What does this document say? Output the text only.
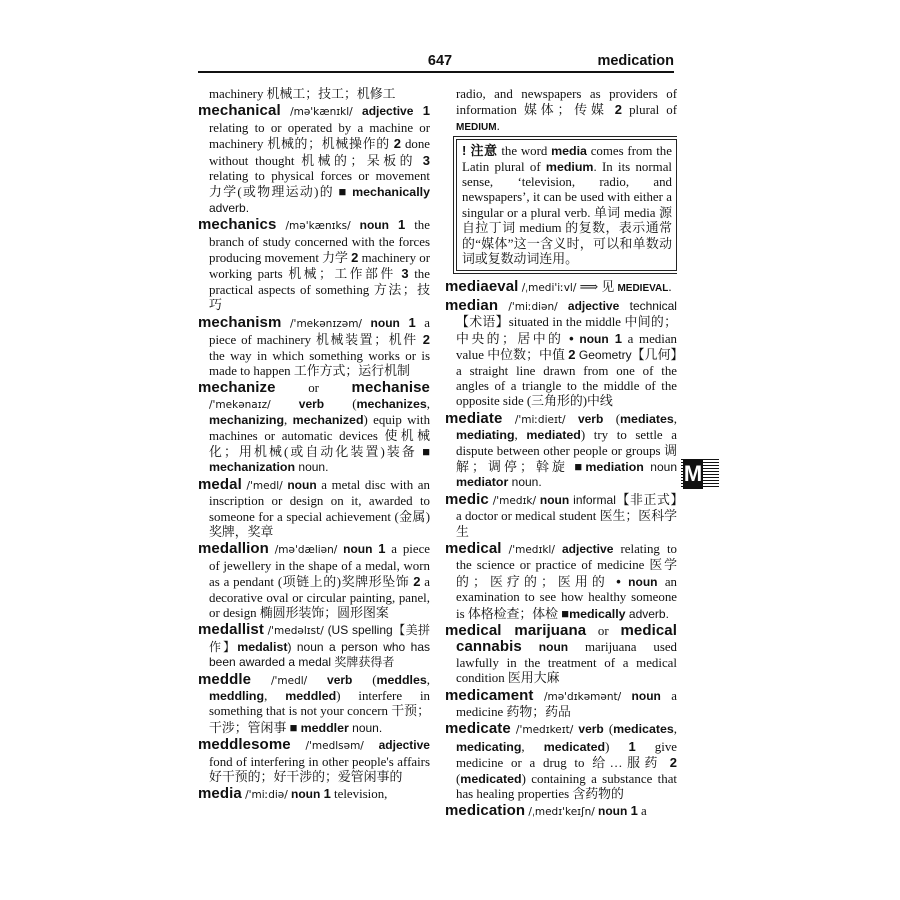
647	medication
M

machinery 机械工；技工；机修工

mechanical /mə'kænɪkl/ adjective 1 relating to or operated by a machine or machinery 机械的；机械操作的 2 done without thought 机械的；呆板的 3 relating to physical forces or movement 力学(或物理运动)的 ■ mechanically adverb.

mechanics /mə'kænɪks/ noun 1 the branch of study concerned with the forces producing movement 力学 2 machinery or working parts 机械；工作部件 3 the practical aspects of something 方法；技巧

mechanism /'mekənɪzəm/ noun 1 a piece of machinery 机械装置；机件 2 the way in which something works or is made to happen 工作方式；运行机制

mechanize or mechanise /'mekənaɪz/ verb (mechanizes, mechanizing, mechanized) equip with machines or automatic devices 使机械化；用机械(或自动化装置)装备 ■ mechanization noun.

medal /'medl/ noun a metal disc with an inscription or design on it, awarded to someone for a special achievement (金属)奖牌，奖章

medallion /mə'dæliən/ noun 1 a piece of jewellery in the shape of a medal, worn as a pendant (项链上的)奖牌形坠饰 2 a decorative oval or circular painting, panel, or design 椭圆形装饰；圆形图案

medallist /'medəlɪst/ (US spelling【美拼作】medalist) noun a person who has been awarded a medal 奖牌获得者

meddle /'medl/ verb (meddles, meddling, meddled) interfere in something that is not your concern 干预；干涉；管闲事 ■ meddler noun.

meddlesome /'medlsəm/ adjective fond of interfering in other people's affairs 好干预的；好干涉的；爱管闲事的

media /'miːdiə/ noun 1 television,

radio, and newspapers as providers of information 媒体；传媒 2 plural of MEDIUM.

! 注意 the word media comes from the Latin plural of medium. In its normal sense, ‘television, radio, and newspapers’, it can be used with either a singular or a plural verb. 单词 media 源自拉丁词 medium 的复数，表示通常的“媒体”这一含义时，可以和单数动词或复数动词连用。

mediaeval /ˌmedi'iːvl/ ⟹ 见 MEDIEVAL.

median /'miːdiən/ adjective technical【术语】situated in the middle 中间的；中央的；居中的 • noun 1 a median value 中位数；中值 2 Geometry【几何】a straight line drawn from one of the angles of a triangle to the middle of the opposite side (三角形的)中线

mediate /'miːdieɪt/ verb (mediates, mediating, mediated) try to settle a dispute between other people or groups 调解；调停；斡旋 ■mediation noun mediator noun.

medic /'medɪk/ noun informal【非正式】a doctor or medical student 医生；医科学生

medical /'medɪkl/ adjective relating to the science or practice of medicine 医学的；医疗的；医用的 • noun an examination to see how healthy someone is 体格检查；体检 ■medically adverb.

medical marijuana or medical cannabis noun marijuana used lawfully in the treatment of a medical condition 医用大麻

medicament /mə'dɪkəmənt/ noun a medicine 药物；药品

medicate /'medɪkeɪt/ verb (medicates, medicating, medicated) 1 give medicine or a drug to 给…服药 2 (medicated) containing a substance that has healing properties 含药物的

medication /ˌmedɪ'keɪʃn/ noun 1 a
